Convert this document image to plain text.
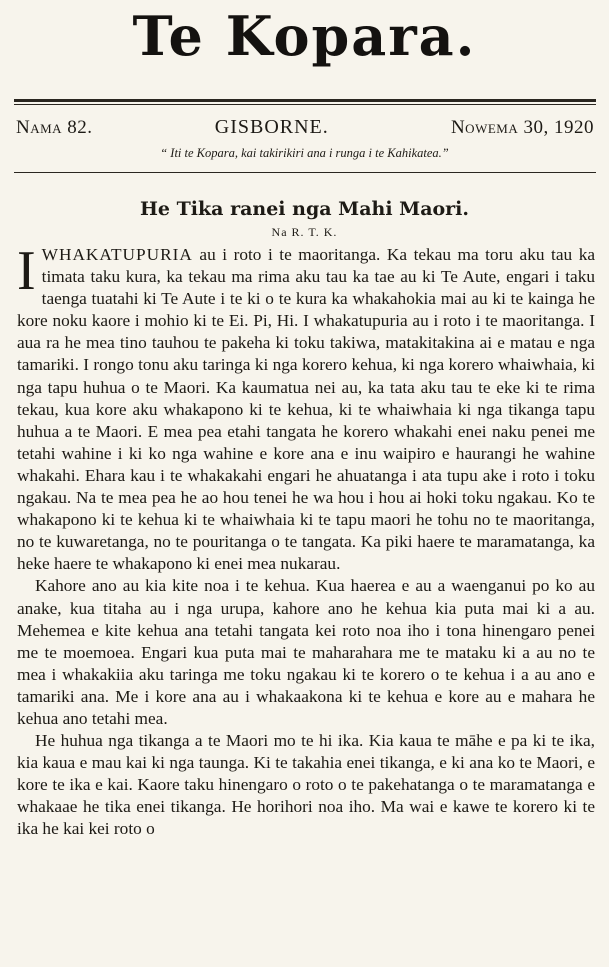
Te Kopara.
Nama 82.	GISBORNE.	Nowema 30, 1920
“ Iti te Kopara, kai takirikiri ana i runga i te Kahikatea.”
He Tika ranei nga Mahi Maori.
Na R. T. K.

IWHAKATUPURIA au i roto i te maoritanga. Ka tekau ma toru aku tau ka timata taku kura, ka tekau ma rima aku tau ka tae au ki Te Aute, engari i taku taenga tuatahi ki Te Aute i te ki o te kura ka whakahokia mai au ki te kainga he kore noku kaore i mohio ki te Ei. Pi, Hi. I whakatupuria au i roto i te maoritanga. I aua ra he mea tino tauhou te pakeha ki toku takiwa, matakitakina ai e matau e nga tamariki. I rongo tonu aku taringa ki nga korero kehua, ki nga korero whaiwhaia, ki nga tapu huhua o te Maori. Ka kaumatua nei au, ka tata aku tau te eke ki te rima tekau, kua kore aku whakapono ki te kehua, ki te whaiwhaia ki nga tikanga tapu huhua a te Maori. E mea pea etahi tangata he korero whakahi enei naku penei me tetahi wahine i ki ko nga wahine e kore ana e inu waipiro e haurangi he wahine whakahi. Ehara kau i te whakakahi engari he ahuatanga i ata tupu ake i roto i toku ngakau. Na te mea pea he ao hou tenei he wa hou i hou ai hoki toku ngakau. Ko te whakapono ki te kehua ki te whaiwhaia ki te tapu maori he tohu no te maoritanga, no te kuwaretanga, no te pouritanga o te tangata. Ka piki haere te maramatanga, ka heke haere te whakapono ki enei mea nukarau.

Kahore ano au kia kite noa i te kehua. Kua haerea e au a waenganui po ko au anake, kua titaha au i nga urupa, kahore ano he kehua kia puta mai ki a au. Mehemea e kite kehua ana tetahi tangata kei roto noa iho i tona hinengaro penei me te moemoea. Engari kua puta mai te maharahara me te mataku ki a au no te mea i whakakiia aku taringa me toku ngakau ki te korero o te kehua i a au ano e tamariki ana. Me i kore ana au i whakaakona ki te kehua e kore au e mahara he kehua ano tetahi mea.

He huhua nga tikanga a te Maori mo te hi ika. Kia kaua te māhe e pa ki te ika, kia kaua e mau kai ki nga taunga. Ki te takahia enei tikanga, e ki ana ko te Maori, e kore te ika e kai. Kaore taku hinengaro o roto o te pakehatanga o te maramatanga e whakaae he tika enei tikanga. He horihori noa iho. Ma wai e kawe te korero ki te ika he kai kei roto o
